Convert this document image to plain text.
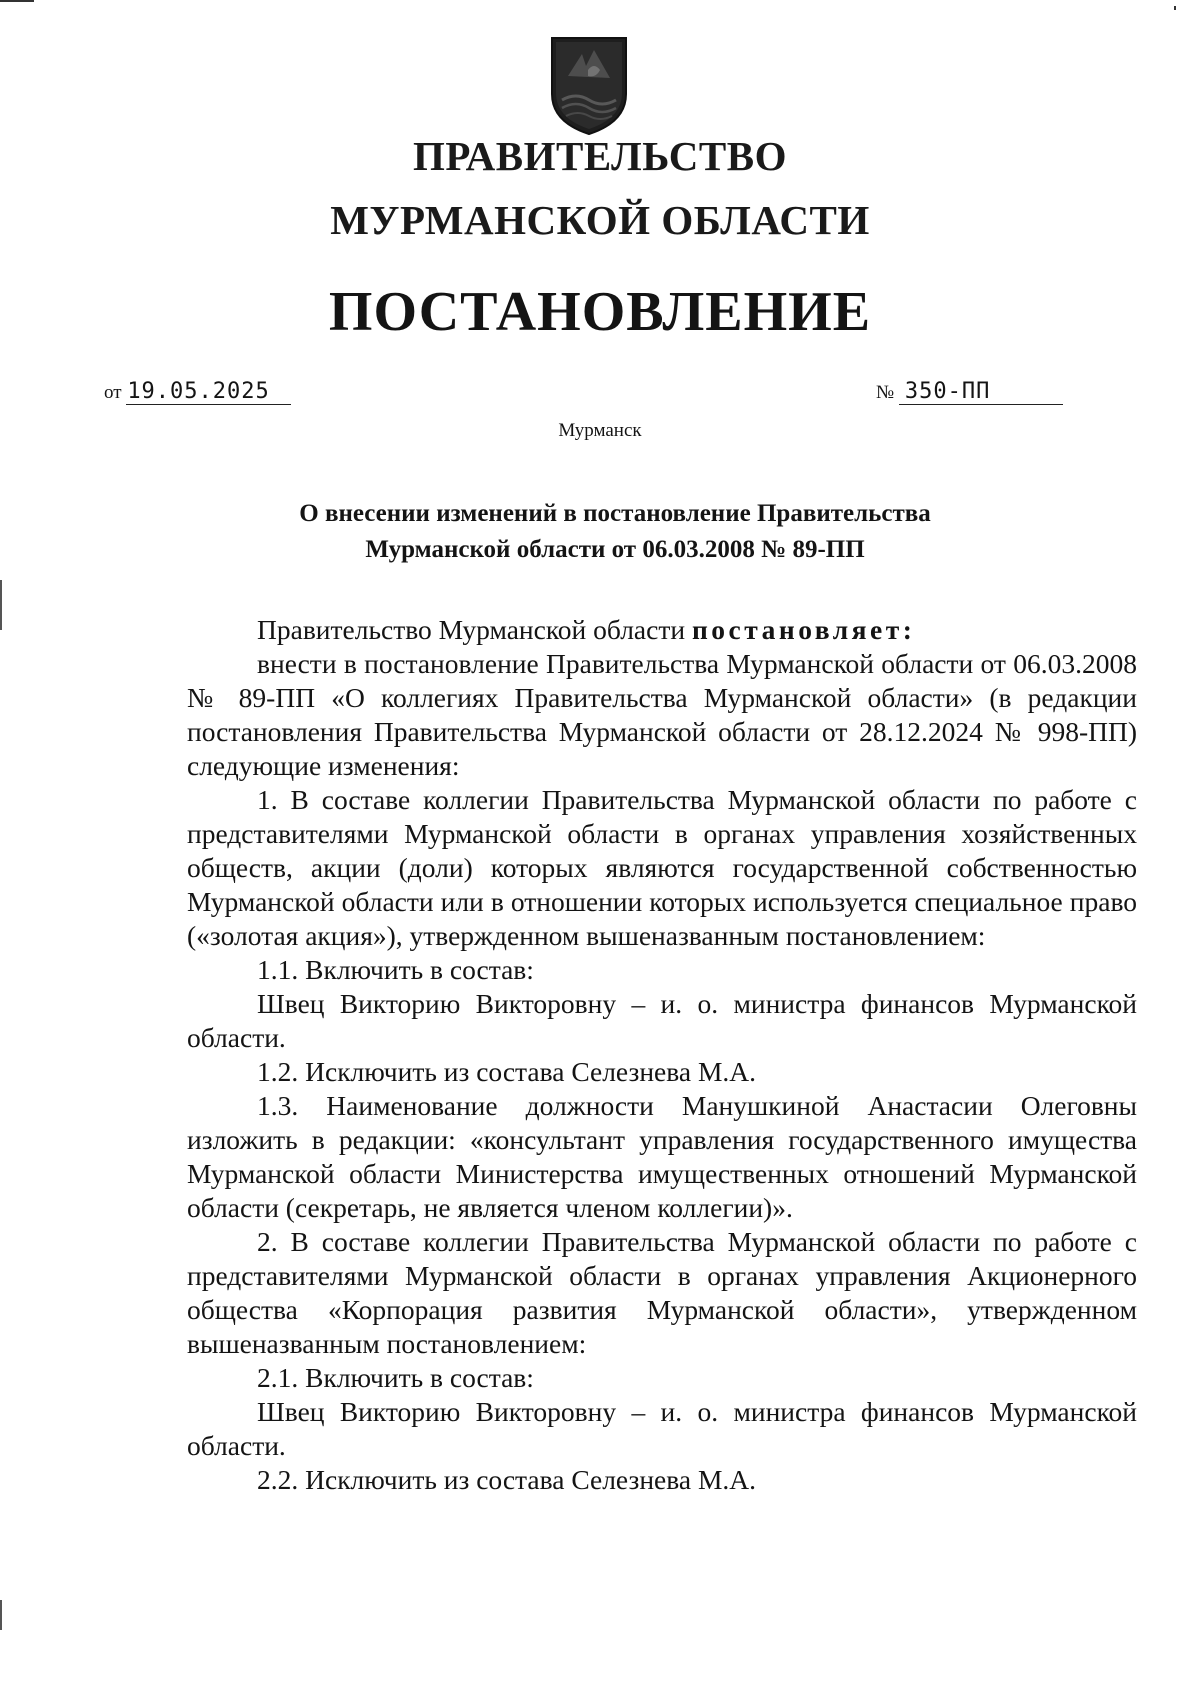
ПРАВИТЕЛЬСТВО
МУРМАНСКОЙ ОБЛАСТИ
ПОСТАНОВЛЕНИЕ
от 19.05.2025	№ 350-ПП
Мурманск
О внесении изменений в постановление Правительства
Мурманской области от 06.03.2008 № 89-ПП

Правительство Мурманской области постановляет:

внести в постановление Правительства Мурманской области от 06.03.2008 № 89-ПП «О коллегиях Правительства Мурманской области» (в редакции постановления Правительства Мурманской области от 28.12.2024 № 998-ПП) следующие изменения:

1. В составе коллегии Правительства Мурманской области по работе с представителями Мурманской области в органах управления хозяйственных обществ, акции (доли) которых являются государственной собственностью Мурманской области или в отношении которых используется специальное право («золотая акция»), утвержденном вышеназванным постановлением:

1.1. Включить в состав:

Швец Викторию Викторовну – и. о. министра финансов Мурманской области.

1.2. Исключить из состава Селезнева М.А.

1.3. Наименование должности Манушкиной Анастасии Олеговны изложить в редакции: «консультант управления государственного имущества Мурманской области Министерства имущественных отношений Мурманской области (секретарь, не является членом коллегии)».

2. В составе коллегии Правительства Мурманской области по работе с представителями Мурманской области в органах управления Акционерного общества «Корпорация развития Мурманской области», утвержденном вышеназванным постановлением:

2.1. Включить в состав:

Швец Викторию Викторовну – и. о. министра финансов Мурманской области.

2.2. Исключить из состава Селезнева М.А.
